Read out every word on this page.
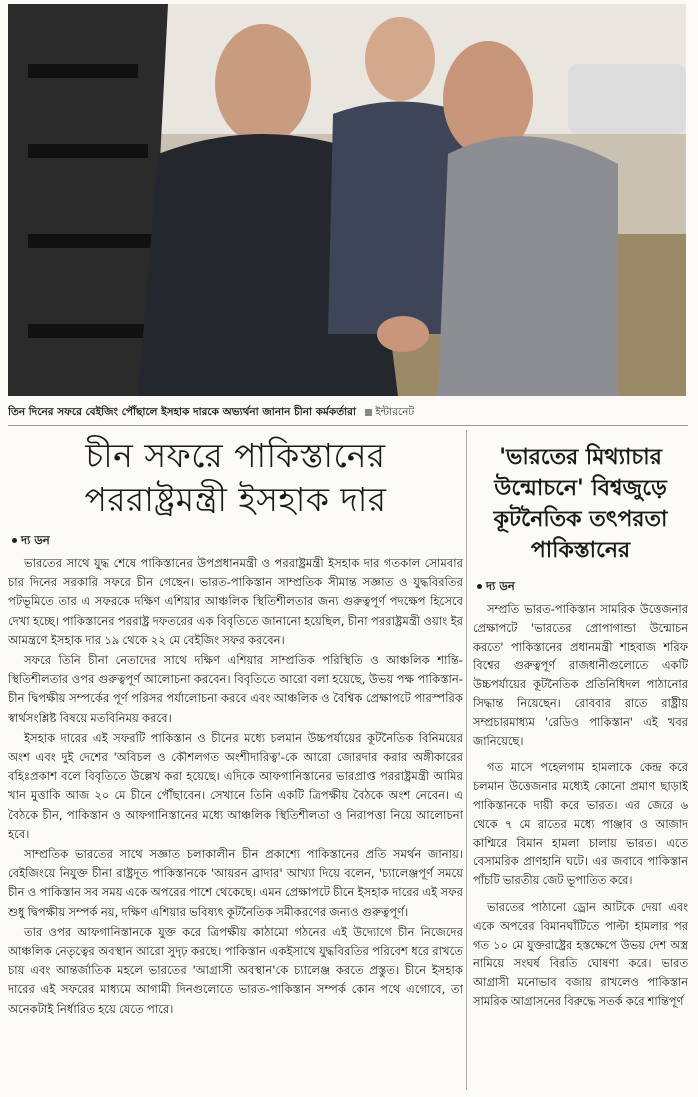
তিন দিনের সফরে বেইজিং পৌঁছালে ইসহাক দারকে অভ্যর্থনা জানান চীনা কর্মকর্তারা ইন্টারনেট
চীন সফরে পাকিস্তানের
পররাষ্ট্রমন্ত্রী ইসহাক দার
দ্য ডন

ভারতের সাথে যুদ্ধ শেষে পাকিস্তানের উপপ্রধানমন্ত্রী ও পররাষ্ট্রমন্ত্রী ইসহাক দার গতকাল সোমবার চার দিনের সরকারি সফরে চীন গেছেন। ভারত-পাকিস্তান সাম্প্রতিক সীমান্ত সজ্ঞাত ও যুদ্ধবিরতির পটভূমিতে তার এ সফরকে দক্ষিণ এশিয়ার আঞ্চলিক স্থিতিশীলতার জন্য গুরুত্বপূর্ণ পদক্ষেপ হিসেবে দেখা হচ্ছে। পাকিস্তানের পররাষ্ট্র দফতরের এক বিবৃতিতে জানানো হয়েছিল, চীনা পররাষ্ট্রমন্ত্রী ওয়াং ইর আমন্ত্রণে ইসহাক দার ১৯ থেকে ২২ মে বেইজিং সফর করবেন।

সফরে তিনি চীনা নেতাদের সাথে দক্ষিণ এশিয়ার সাম্প্রতিক পরিস্থিতি ও আঞ্চলিক শান্তি-স্থিতিশীলতার ওপর গুরুত্বপূর্ণ আলোচনা করবেন। বিবৃতিতে আরো বলা হয়েছে, উভয় পক্ষ পাকিস্তান-চীন দ্বিপক্ষীয় সম্পর্কের পূর্ণ পরিসর পর্যালোচনা করবে এবং আঞ্চলিক ও বৈশ্বিক প্রেক্ষাপটে পারস্পরিক স্বার্থসংশ্লিষ্ট বিষয়ে মতবিনিময় করবে।

ইসহাক দারের এই সফরটি পাকিস্তান ও চীনের মধ্যে চলমান উচ্চপর্যায়ের কূটনৈতিক বিনিময়ের অংশ এবং দুই দেশের 'অবিচল ও কৌশলগত অংশীদারিত্ব'-কে আরো জোরদার করার অঙ্গীকারের বহিঃপ্রকাশ বলে বিবৃতিতে উল্লেখ করা হয়েছে। এদিকে আফগানিস্তানের ভারপ্রাপ্ত পররাষ্ট্রমন্ত্রী আমির খান মুত্তাকি আজ ২০ মে চীনে পৌঁছাবেন। সেখানে তিনি একটি ত্রিপক্ষীয় বৈঠকে অংশ নেবেন। এ বৈঠকে চীন, পাকিস্তান ও আফগানিস্তানের মধ্যে আঞ্চলিক স্থিতিশীলতা ও নিরাপত্তা নিয়ে আলোচনা হবে।

সাম্প্রতিক ভারতের সাথে সজ্ঞাত চলাকালীন চীন প্রকাশ্যে পাকিস্তানের প্রতি সমর্থন জানায়। বেইজিংয়ে নিযুক্ত চীনা রাষ্ট্রদূত পাকিস্তানকে 'আয়রন ব্রাদার' আখ্যা দিয়ে বলেন, 'চ্যালেঞ্জপূর্ণ সময়ে চীন ও পাকিস্তান সব সময় একে অপরের পাশে থেকেছে। এমন প্রেক্ষাপটে চীনে ইসহাক দারের এই সফর শুধু দ্বিপক্ষীয় সম্পর্ক নয়, দক্ষিণ এশিয়ার ভবিষ্যৎ কূটনৈতিক সমীকরণের জন্যও গুরুত্বপূর্ণ।

তার ওপর আফগানিস্তানকে যুক্ত করে ত্রিপক্ষীয় কাঠামো গঠনের এই উদ্যোগে চীন নিজেদের আঞ্চলিক নেতৃত্বের অবস্থান আরো সুদৃঢ় করছে। পাকিস্তান একইসাথে যুদ্ধবিরতির পরিবেশ ধরে রাখতে চায় এবং আন্তর্জাতিক মহলে ভারতের 'আগ্রাসী অবস্থান'কে চ্যালেঞ্জ করতে প্রস্তুত। চীনে ইসহাক দারের এই সফরের মাধ্যমে আগামী দিনগুলোতে ভারত-পাকিস্তান সম্পর্ক কোন পথে এগোবে, তা অনেকটাই নির্ধারিত হয়ে যেতে পারে।

'ভারতের মিথ্যাচার
উন্মোচনে' বিশ্বজুড়ে
কূটনৈতিক তৎপরতা
পাকিস্তানের
দ্য ডন

সম্প্রতি ভারত-পাকিস্তান সামরিক উত্তেজনার প্রেক্ষাপটে 'ভারতের প্রোপাগান্ডা উন্মোচন করতে' পাকিস্তানের প্রধানমন্ত্রী শাহবাজ শরিফ বিশ্বের গুরুত্বপূর্ণ রাজধানীগুলোতে একটি উচ্চপর্যায়ের কূটনৈতিক প্রতিনিধিদল পাঠানোর সিদ্ধান্ত নিয়েছেন। রোববার রাতে রাষ্ট্রীয় সম্প্রচারমাধ্যম 'রেডিও পাকিস্তান' এই খবর জানিয়েছে।

গত মাসে পহেলগাম হামলাকে কেন্দ্র করে চলমান উত্তেজনার মধ্যেই কোনো প্রমাণ ছাড়াই পাকিস্তানকে দায়ী করে ভারত। এর জেরে ৬ থেকে ৭ মে রাতের মধ্যে পাঞ্জাব ও আজাদ কাশ্মিরে বিমান হামলা চালায় ভারত। এতে বেসামরিক প্রাণহানি ঘটে। এর জবাবে পাকিস্তান পাঁচটি ভারতীয় জেট ভূপাতিত করে।

ভারতের পাঠানো ড্রোন আটকে দেয়া এবং একে অপরের বিমানঘাঁটিতে পাল্টা হামলার পর গত ১০ মে যুক্তরাষ্ট্রের হস্তক্ষেপে উভয় দেশ অস্ত্র নামিয়ে সংঘর্ষ বিরতি ঘোষণা করে। ভারত আগ্রাসী মনোভাব বজায় রাখলেও পাকিস্তান সামরিক আগ্রাসনের বিরুদ্ধে সতর্ক করে শান্তিপূর্ণ
